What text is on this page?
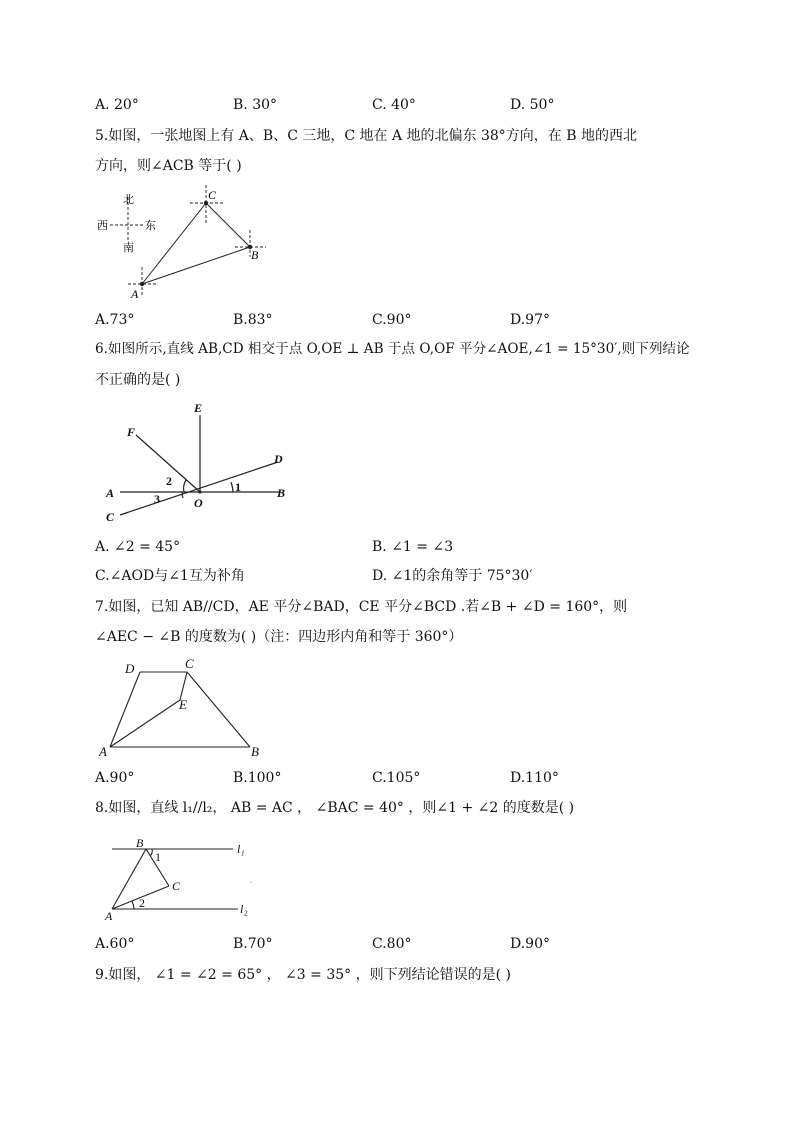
A. 20°	B. 30°	C. 40°	D. 50°
5.如图，一张地图上有 A、B、C 三地，C 地在 A 地的北偏东 38°方向，在 B 地的西北
方向，则∠ACB 等于( )
北
西	东
南
C
B
A
A.73°	B.83°	C.90°	D.97°
6.如图所示,直线 AB,CD 相交于点 O,OE ⊥ AB 于点 O,OF 平分∠AOE,∠1 = 15°30′,则下列结论
不正确的是( )
E
F
D
A	B
C
O
2
3
1
A. ∠2 = 45°	B. ∠1 = ∠3
C.∠AOD与∠1互为补角	D. ∠1的余角等于 75°30′
7.如图，已知 AB//CD，AE 平分∠BAD，CE 平分∠BCD .若∠B + ∠D = 160°，则
∠AEC − ∠B 的度数为( )（注：四边形内角和等于 360°）
D	C
E
A	B
A.90°	B.100°	C.105°	D.110°
8.如图，直线 l₁//l₂， AB = AC ， ∠BAC = 40° ，则∠1 + ∠2 的度数是( )
B
C
A
1
2
l₁
l₂
A.60°	B.70°	C.80°	D.90°
9.如图， ∠1 = ∠2 = 65° ， ∠3 = 35° ，则下列结论错误的是( )
